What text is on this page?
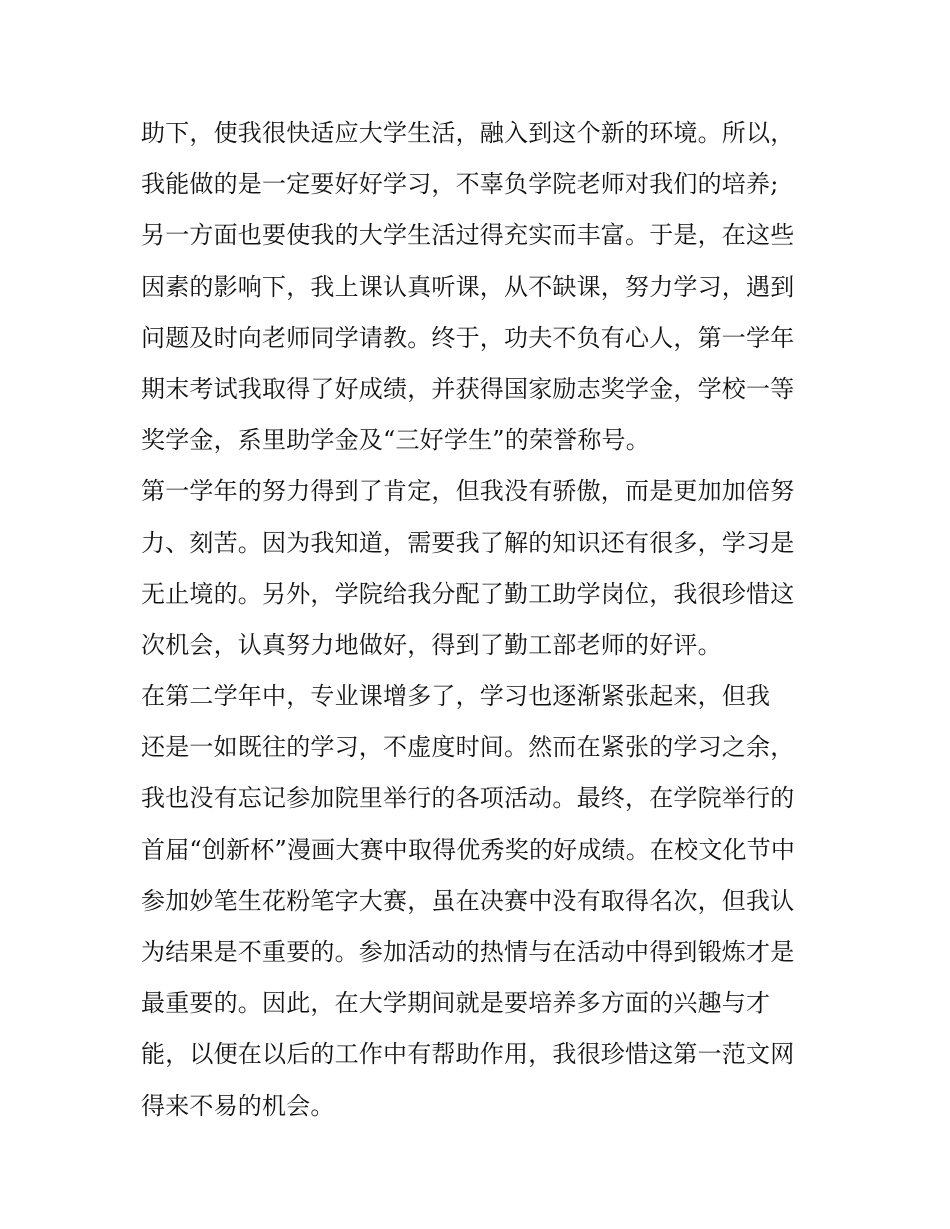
助下，使我很快适应大学生活，融入到这个新的环境。所以，
我能做的是一定要好好学习，不辜负学院老师对我们的培养;
另一方面也要使我的大学生活过得充实而丰富。于是，在这些
因素的影响下，我上课认真听课，从不缺课，努力学习，遇到
问题及时向老师同学请教。终于，功夫不负有心人，第一学年
期末考试我取得了好成绩，并获得国家励志奖学金，学校一等
奖学金，系里助学金及“三好学生”的荣誉称号。
第一学年的努力得到了肯定，但我没有骄傲，而是更加加倍努
力、刻苦。因为我知道，需要我了解的知识还有很多，学习是
无止境的。另外，学院给我分配了勤工助学岗位，我很珍惜这
次机会，认真努力地做好，得到了勤工部老师的好评。
在第二学年中，专业课增多了，学习也逐渐紧张起来，但我
还是一如既往的学习，不虚度时间。然而在紧张的学习之余，
我也没有忘记参加院里举行的各项活动。最终，在学院举行的
首届“创新杯”漫画大赛中取得优秀奖的好成绩。在校文化节中
参加妙笔生花粉笔字大赛，虽在决赛中没有取得名次，但我认
为结果是不重要的。参加活动的热情与在活动中得到锻炼才是
最重要的。因此，在大学期间就是要培养多方面的兴趣与才
能，以便在以后的工作中有帮助作用，我很珍惜这第一范文网
得来不易的机会。
